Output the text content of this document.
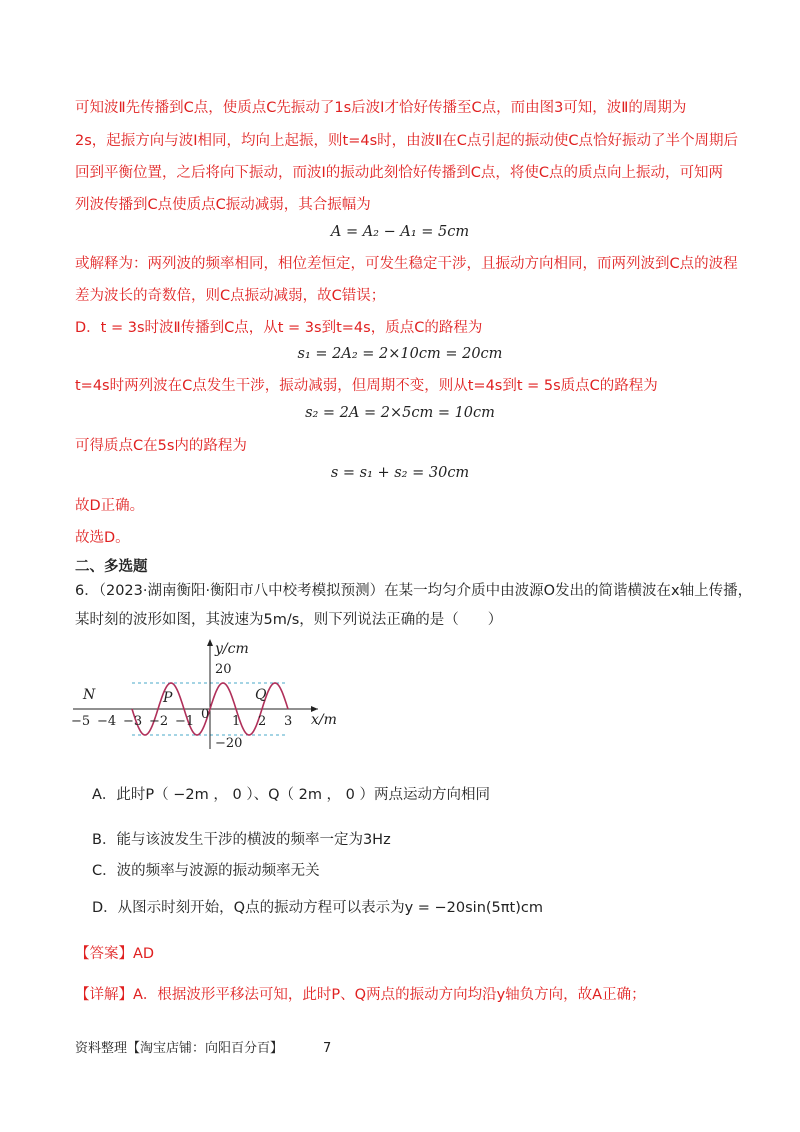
可知波Ⅱ先传播到C点，使质点C先振动了1s后波Ⅰ才恰好传播至C点，而由图3可知，波Ⅱ的周期为
2s，起振方向与波Ⅰ相同，均向上起振，则t=4s时，由波Ⅱ在C点引起的振动使C点恰好振动了半个周期后
回到平衡位置，之后将向下振动，而波Ⅰ的振动此刻恰好传播到C点，将使C点的质点向上振动，可知两
列波传播到C点使质点C振动减弱，其合振幅为
A = A₂ − A₁ = 5cm
或解释为：两列波的频率相同，相位差恒定，可发生稳定干涉，且振动方向相同，而两列波到C点的波程
差为波长的奇数倍，则C点振动减弱，故C错误；
D．t = 3s时波Ⅱ传播到C点，从t = 3s到t=4s，质点C的路程为
s₁ = 2A₂ = 2×10cm = 20cm
t=4s时两列波在C点发生干涉，振动减弱，但周期不变，则从t=4s到t = 5s质点C的路程为
s₂ = 2A = 2×5cm = 10cm
可得质点C在5s内的路程为
s = s₁ + s₂ = 30cm
故D正确。
故选D。
二、多选题
6．（2023·湖南衡阳·衡阳市八中校考模拟预测）在某一均匀介质中由波源O发出的简谐横波在x轴上传播，
某时刻的波形如图，其波速为5m/s，则下列说法正确的是（　　）
−5 −4 −3 −2 −1	1 2 3
y/cm
x/m
20
−20
0
N	P	Q
A．此时P（ −2m ， 0 ）、Q（ 2m ， 0 ）两点运动方向相同
B．能与该波发生干涉的横波的频率一定为3Hz
C．波的频率与波源的振动频率无关
D．从图示时刻开始，Q点的振动方程可以表示为y = −20sin(5πt)cm
【答案】AD
【详解】A．根据波形平移法可知，此时P、Q两点的振动方向均沿y轴负方向，故A正确；
资料整理【淘宝店铺：向阳百分百】	7
